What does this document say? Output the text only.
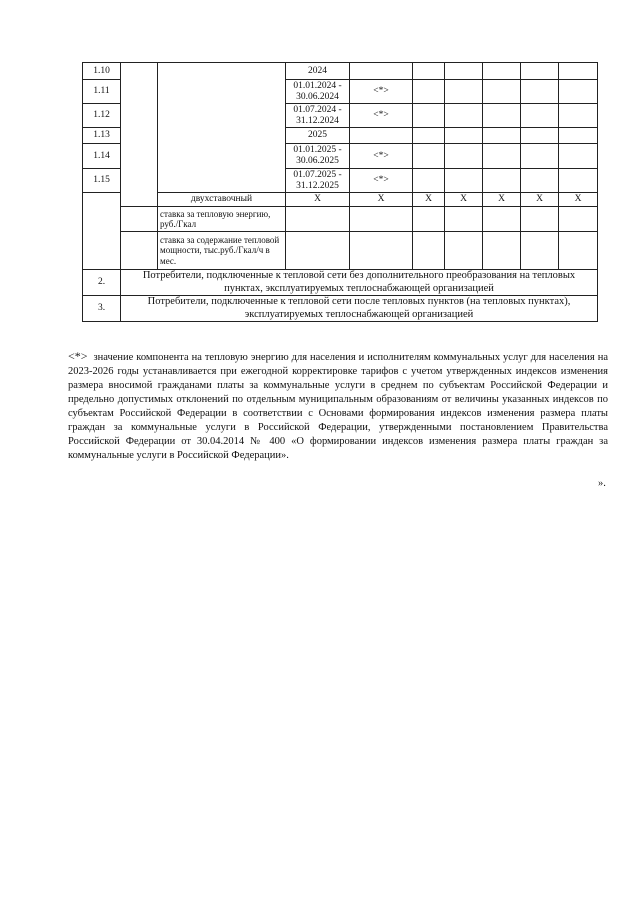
1.10			2024						
1.11			01.01.2024 - 30.06.2024	<*>					
1.12			01.07.2024 - 31.12.2024	<*>					
1.13			2025						
1.14			01.01.2025 - 30.06.2025	<*>					
1.15			01.07.2025 - 31.12.2025	<*>					
		двухставочный	X	X	X	X	X	X	X
		ставка за тепловую энергию, руб./Гкал							
		ставка за содержание тепловой мощности, тыс.руб./Гкал/ч в мес.							
2.	Потребители, подключенные к тепловой сети без дополнительного преобразования на тепловых пунктах, эксплуатируемых теплоснабжающей организацией								
3.	Потребители, подключенные к тепловой сети после тепловых пунктов (на тепловых пунктах), эксплуатируемых теплоснабжающей организацией								
<*> значение компонента на тепловую энергию для населения и исполнителям коммунальных услуг для населения на 2023-2026 годы устанавливается при ежегодной корректировке тарифов с учетом утвержденных индексов изменения размера вносимой гражданами платы за коммунальные услуги в среднем по субъектам Российской Федерации и предельно допустимых отклонений по отдельным муниципальным образованиям от величины указанных индексов по субъектам Российской Федерации в соответствии с Основами формирования индексов изменения размера платы граждан за коммунальные услуги в Российской Федерации, утвержденными постановлением Правительства Российской Федерации от 30.04.2014 № 400 «О формировании индексов изменения размера платы граждан за коммунальные услуги в Российской Федерации».
».
